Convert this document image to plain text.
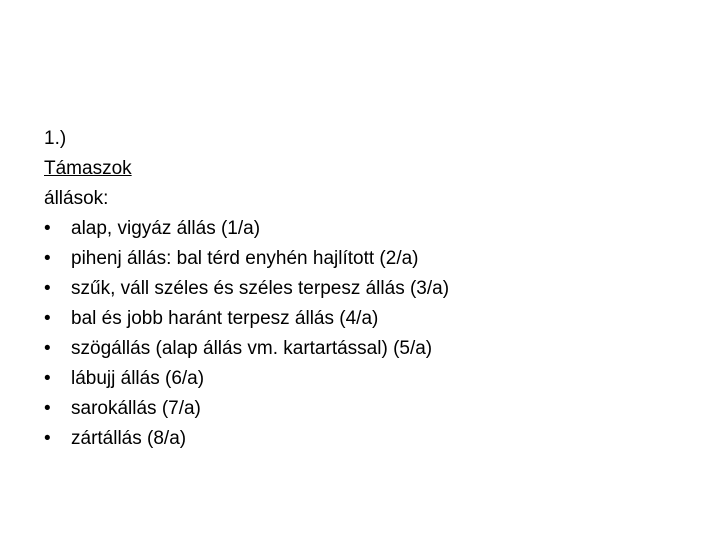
1.)
Támaszok
állások:
• alap, vigyáz állás (1/a)
• pihenj állás: bal térd enyhén hajlított (2/a)
• szűk, váll széles és széles terpesz állás (3/a)
• bal és jobb haránt terpesz állás (4/a)
• szögállás (alap állás vm. kartartással) (5/a)
• lábujj állás (6/a)
• sarokállás (7/a)
• zártállás (8/a)
